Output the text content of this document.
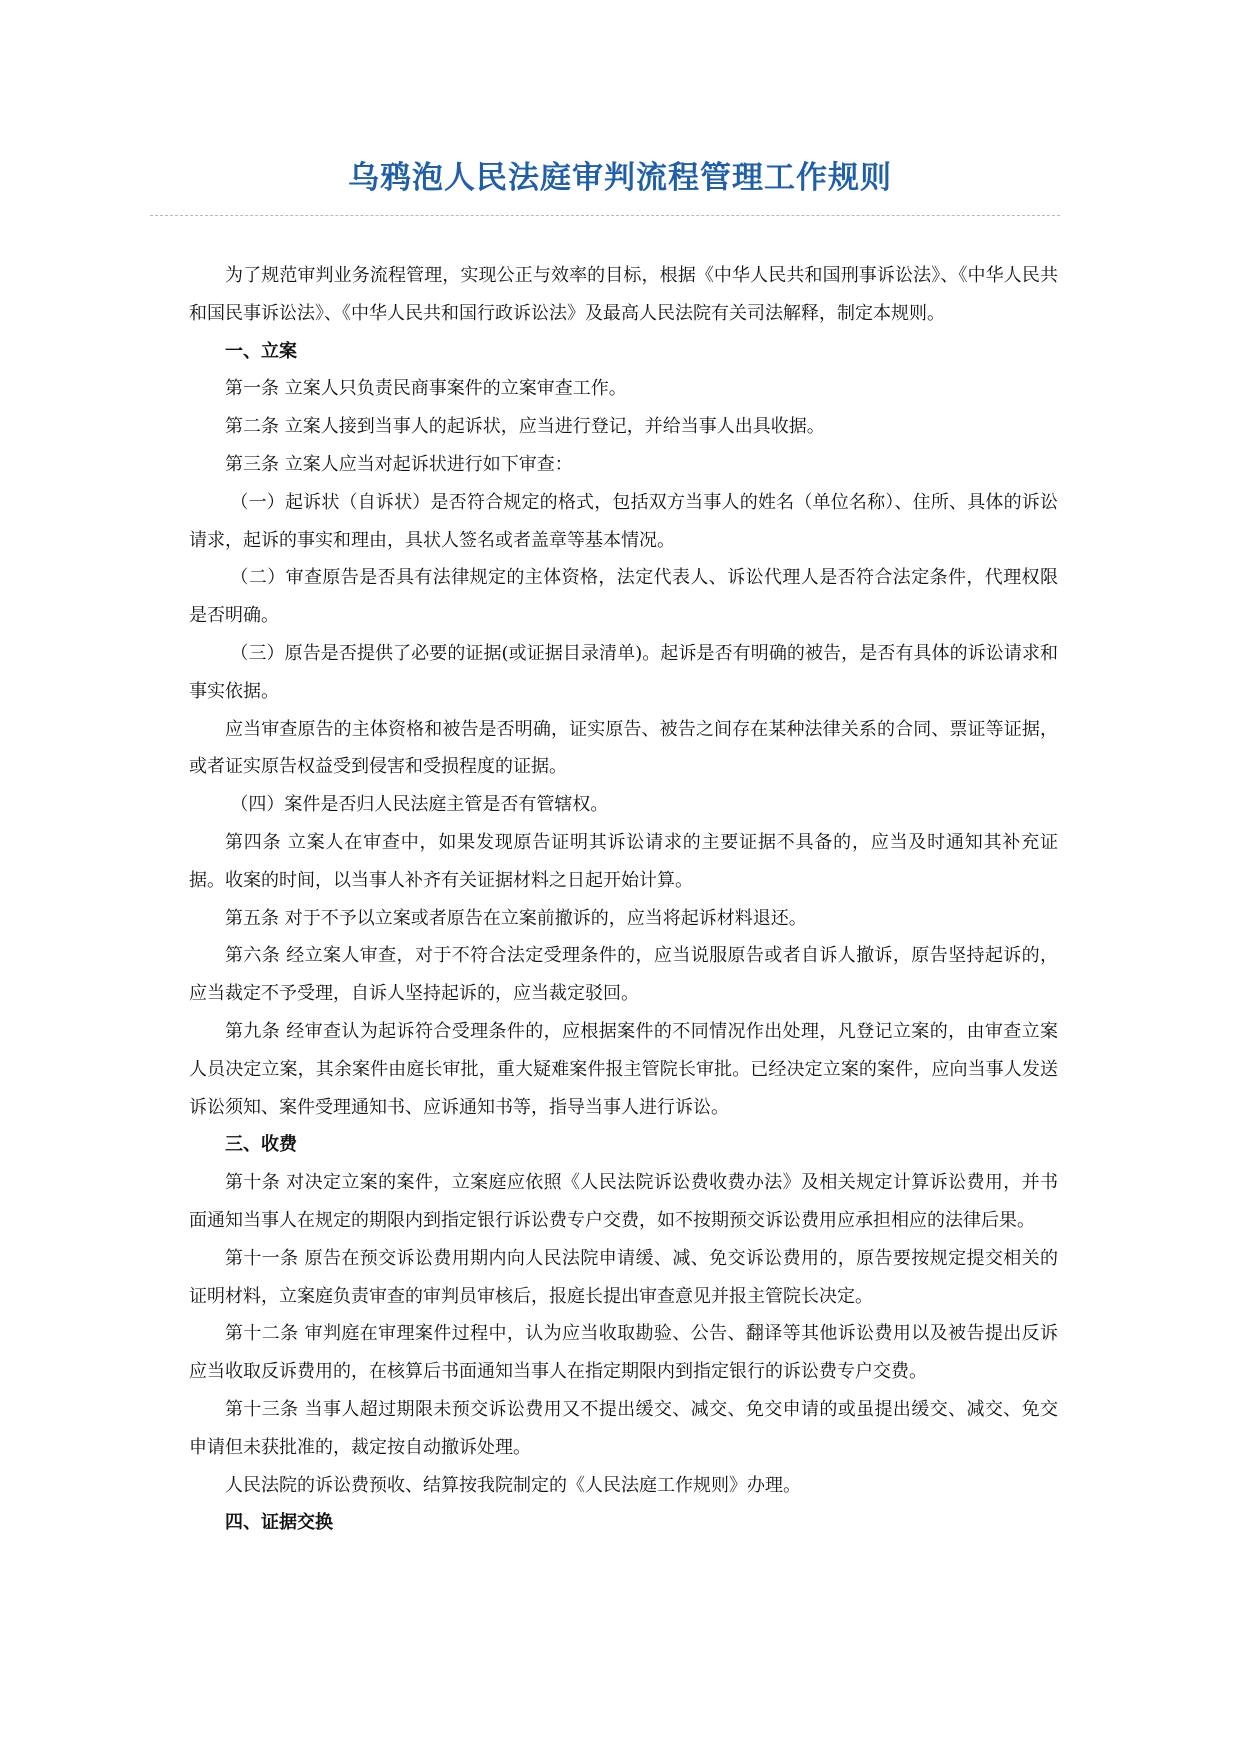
乌鸦泡人民法庭审判流程管理工作规则

为了规范审判业务流程管理，实现公正与效率的目标，根据《中华人民共和国刑事诉讼法》、《中华人民共和国民事诉讼法》、《中华人民共和国行政诉讼法》及最高人民法院有关司法解释，制定本规则。

一、立案

第一条 立案人只负责民商事案件的立案审查工作。

第二条 立案人接到当事人的起诉状，应当进行登记，并给当事人出具收据。

第三条 立案人应当对起诉状进行如下审查：

（一）起诉状（自诉状）是否符合规定的格式，包括双方当事人的姓名（单位名称）、住所、具体的诉讼请求，起诉的事实和理由，具状人签名或者盖章等基本情况。

（二）审查原告是否具有法律规定的主体资格，法定代表人、诉讼代理人是否符合法定条件，代理权限是否明确。

（三）原告是否提供了必要的证据(或证据目录清单)。起诉是否有明确的被告，是否有具体的诉讼请求和事实依据。

应当审查原告的主体资格和被告是否明确，证实原告、被告之间存在某种法律关系的合同、票证等证据，或者证实原告权益受到侵害和受损程度的证据。

（四）案件是否归人民法庭主管是否有管辖权。

第四条 立案人在审查中，如果发现原告证明其诉讼请求的主要证据不具备的，应当及时通知其补充证据。收案的时间，以当事人补齐有关证据材料之日起开始计算。

第五条 对于不予以立案或者原告在立案前撤诉的，应当将起诉材料退还。

第六条 经立案人审查，对于不符合法定受理条件的，应当说服原告或者自诉人撤诉，原告坚持起诉的，应当裁定不予受理，自诉人坚持起诉的，应当裁定驳回。

第九条 经审查认为起诉符合受理条件的，应根据案件的不同情况作出处理，凡登记立案的，由审查立案人员决定立案，其余案件由庭长审批，重大疑难案件报主管院长审批。已经决定立案的案件，应向当事人发送诉讼须知、案件受理通知书、应诉通知书等，指导当事人进行诉讼。

三、收费

第十条 对决定立案的案件，立案庭应依照《人民法院诉讼费收费办法》及相关规定计算诉讼费用，并书面通知当事人在规定的期限内到指定银行诉讼费专户交费，如不按期预交诉讼费用应承担相应的法律后果。

第十一条 原告在预交诉讼费用期内向人民法院申请缓、减、免交诉讼费用的，原告要按规定提交相关的证明材料，立案庭负责审查的审判员审核后，报庭长提出审查意见并报主管院长决定。

第十二条 审判庭在审理案件过程中，认为应当收取勘验、公告、翻译等其他诉讼费用以及被告提出反诉应当收取反诉费用的，在核算后书面通知当事人在指定期限内到指定银行的诉讼费专户交费。

第十三条 当事人超过期限未预交诉讼费用又不提出缓交、减交、免交申请的或虽提出缓交、减交、免交申请但未获批准的，裁定按自动撤诉处理。

人民法院的诉讼费预收、结算按我院制定的《人民法庭工作规则》办理。

四、证据交换
